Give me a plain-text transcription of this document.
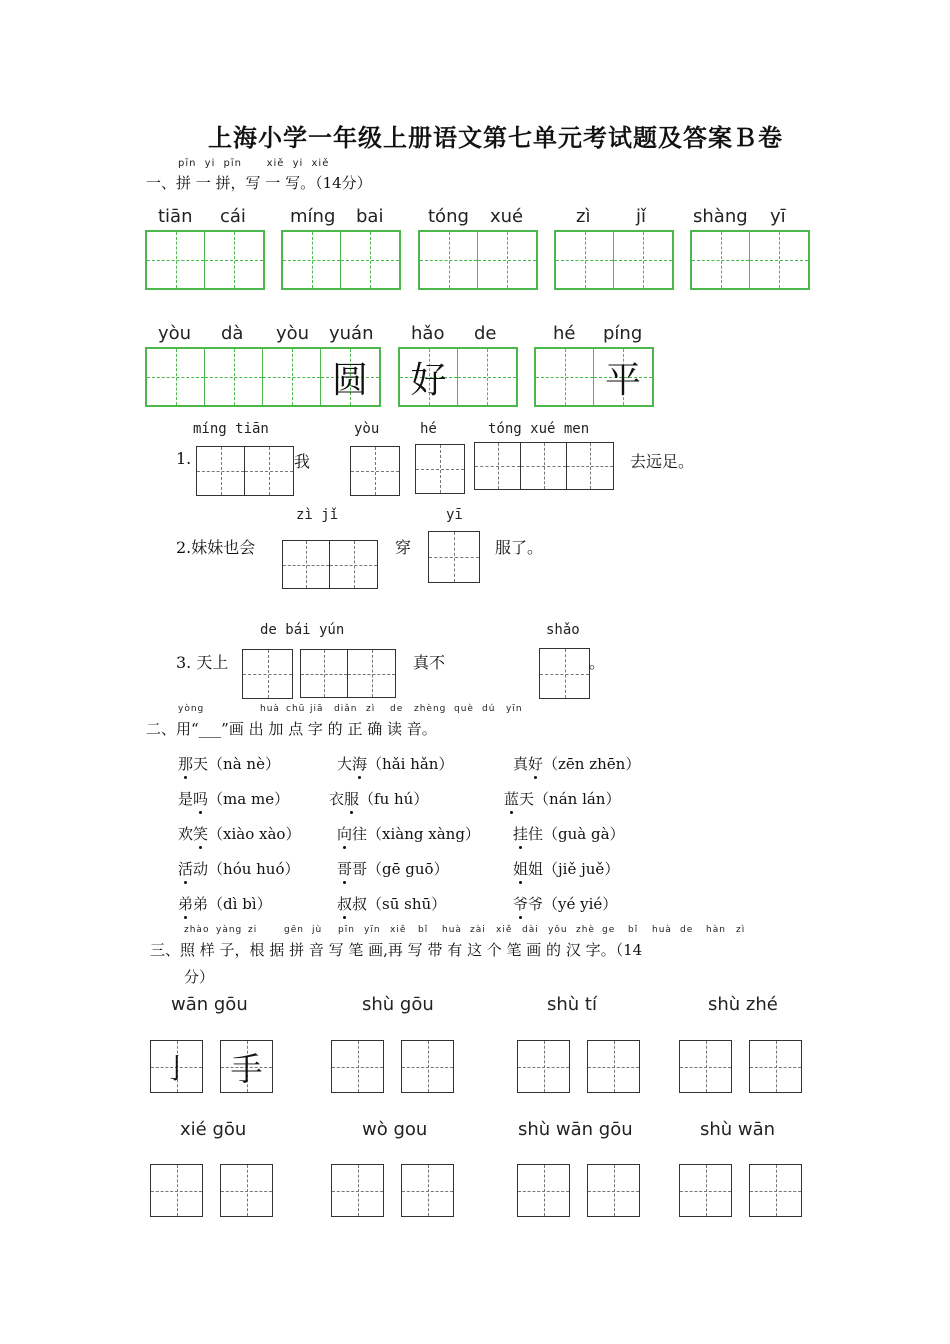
上海小学一年级上册语文第七单元考试题及答案Ｂ卷
pīn yi pīn xiě yi xiě
一、拼 一 拼，写 一 写。（14分）
tiān cái míng bai tóng xué	zì	jǐ	shàng yī
yòu dà yòu yuán hǎo de	hé píng
圆	好	平
míng tiān	yòu	hé	tóng xué men
1.	我	去远足。
zì jǐ	yī
2.妹妹也会	穿	服了。
de bái yún	shǎo
3. 天上	真不	。
yòng	huà chū jiā diǎn zì de zhèng què dú yīn
二、用“___”画 出 加 点 字 的 正 确 读 音。
那天（nà nè）	大海（hǎi hǎn）	真好（zēn zhēn）
是吗（ma me）	衣服（fu hú）	蓝天（nán lán）
欢笑（xiào xào） 向往（xiàng xàng） 挂住（guà gà）
活动（hóu huó） 哥哥（gē guō）	姐姐（jiě juě）
弟弟（dì bì）	叔叔（sū shū）	爷爷（yé yié）
zhào yàng zi	gēn jù pīn yīn xiě bǐ huà zài xiě dài yǒu zhè ge bǐ huà de hàn zì
三、照 样 子，根 据 拼 音 写 笔 画,再 写 带 有 这 个 笔 画 的 汉 字。（14
分）
wān gōu	shù gōu	shù tí	shù zhé
亅	手
xié gōu	wò gou	shù wān gōu	shù wān
